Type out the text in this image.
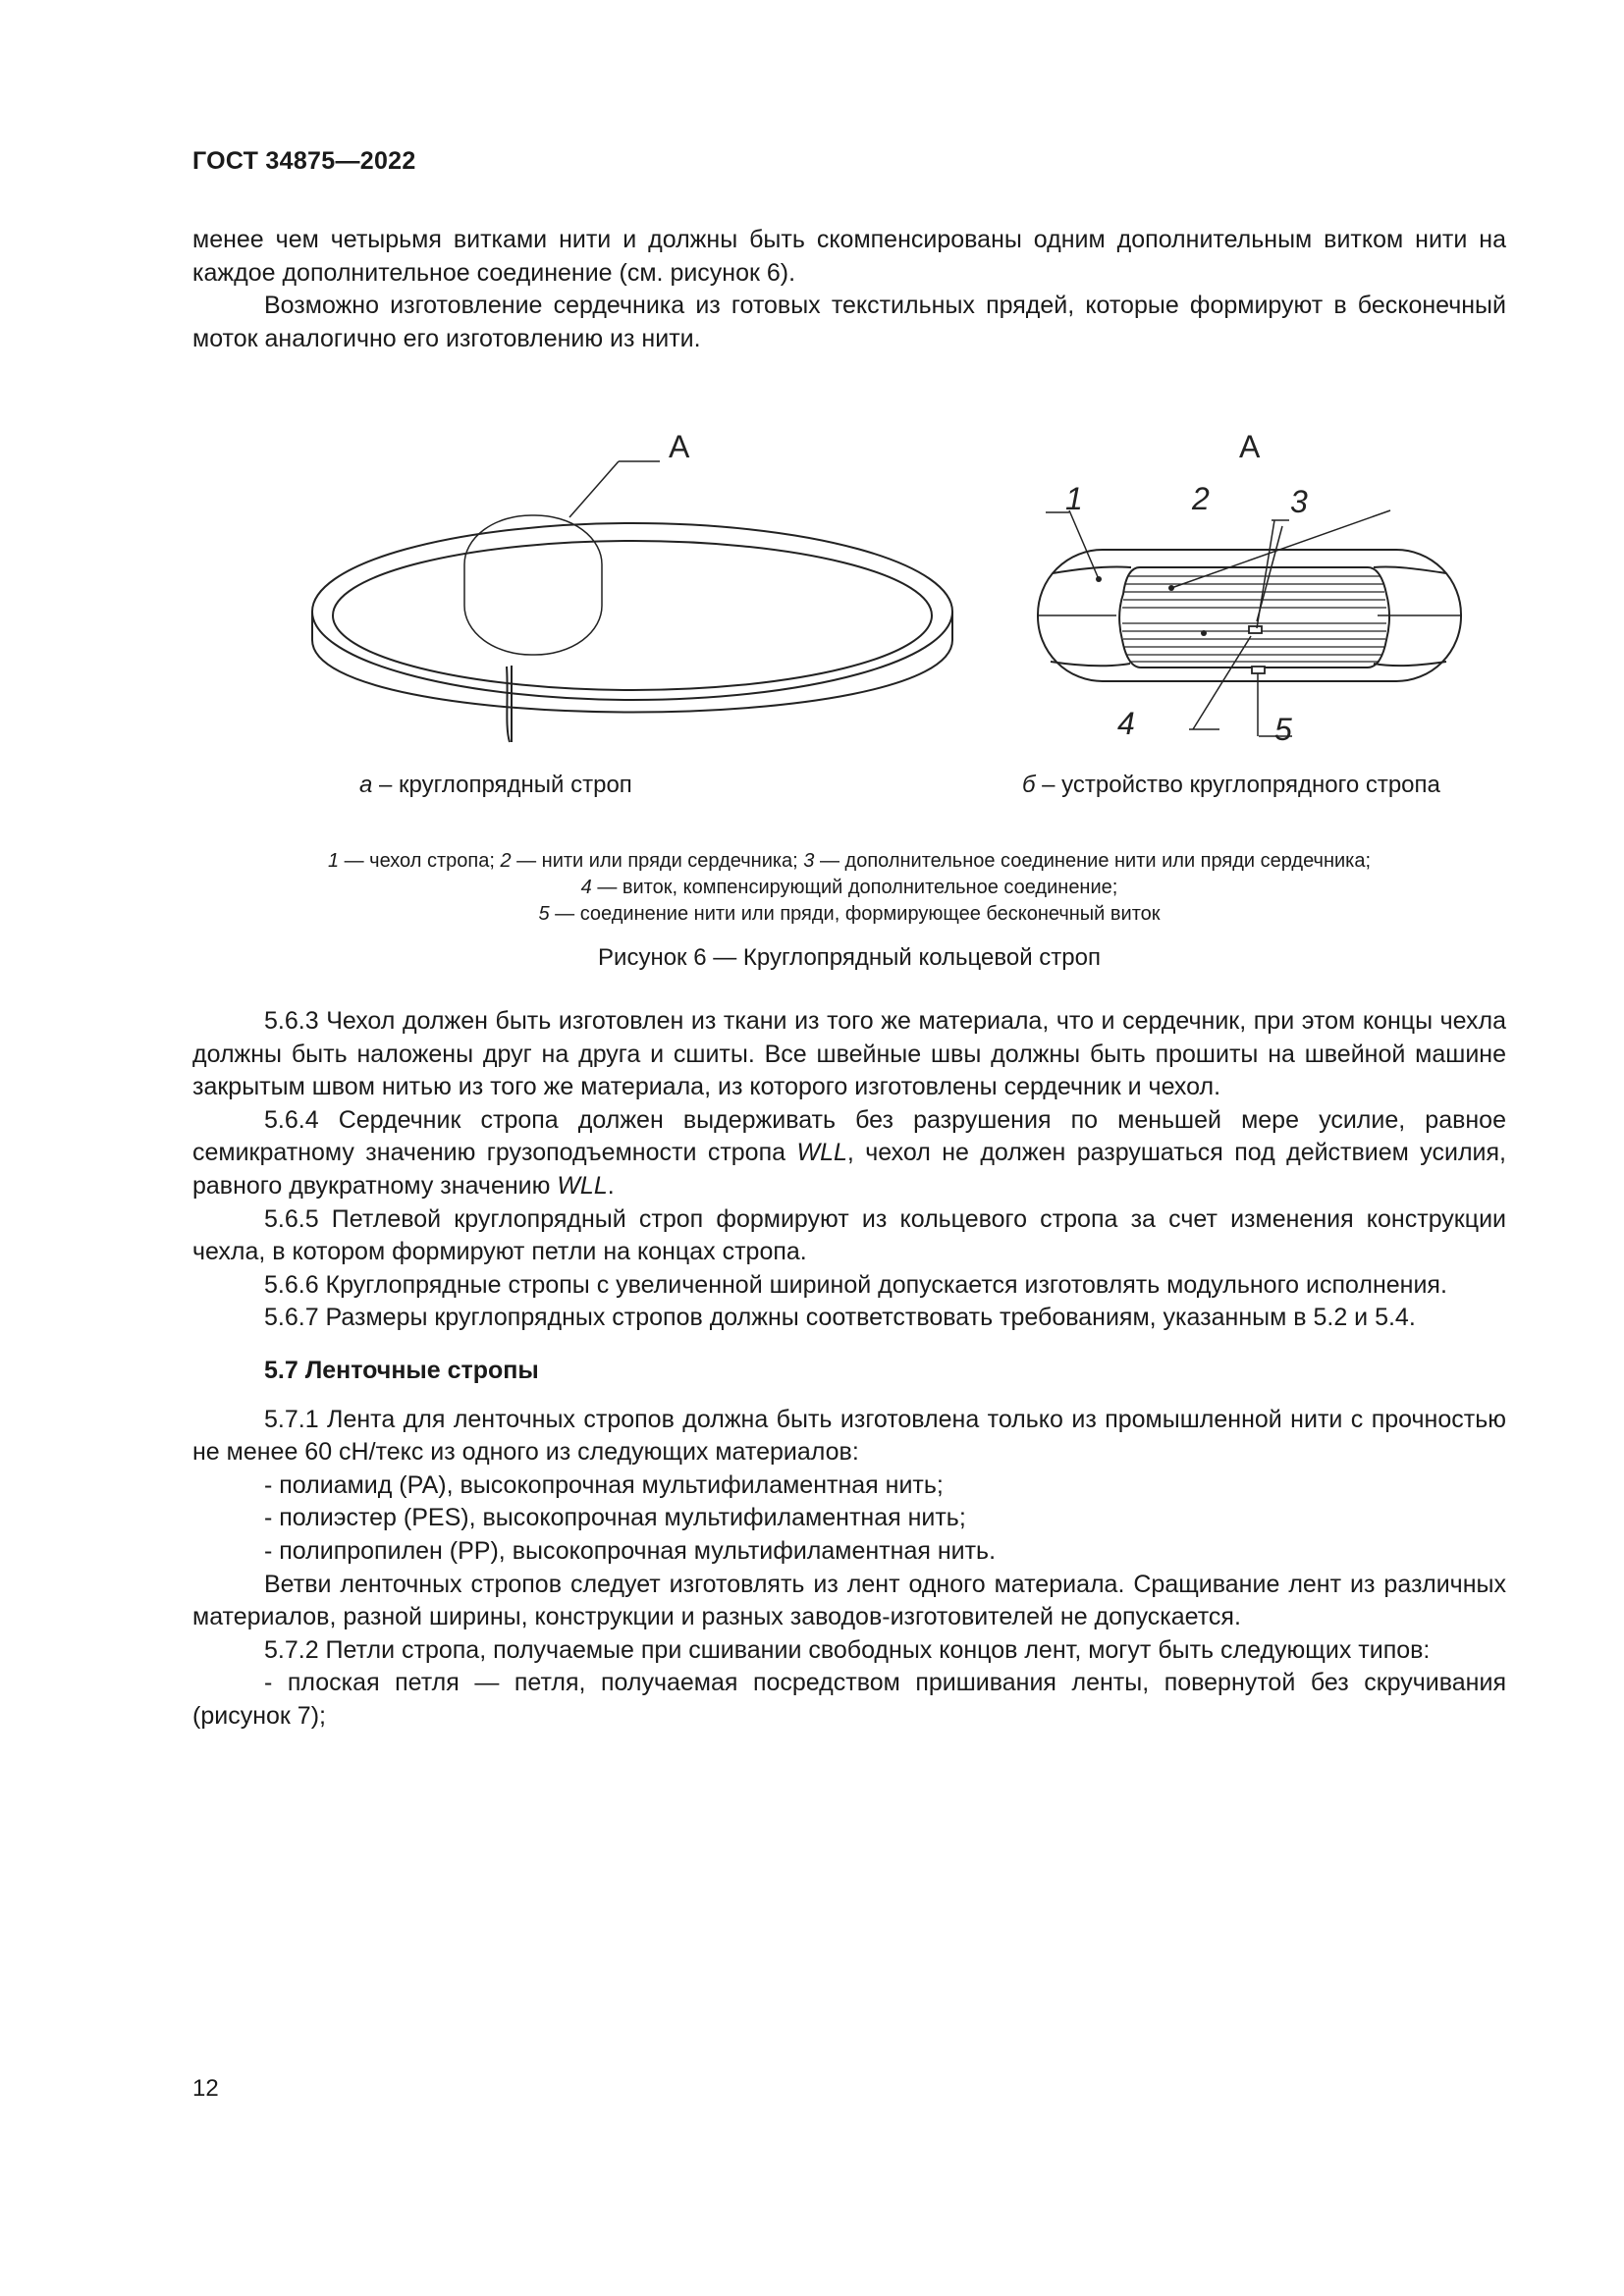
ГОСТ 34875—2022

менее чем четырьмя витками нити и должны быть скомпенсированы одним дополнительным витком нити на каждое дополнительное соединение (см. рисунок 6).

Возможно изготовление сердечника из готовых текстильных прядей, которые формируют в бесконечный моток аналогично его изготовлению из нити.

А	А
1	2	3
4	5
а – круглопрядный строп	б – устройство круглопрядного стропа
1 — чехол стропа; 2 — нити или пряди сердечника; 3 — дополнительное соединение нити или пряди сердечника;
4 — виток, компенсирующий дополнительное соединение;
5 — соединение нити или пряди, формирующее бесконечный виток
Рисунок 6 — Круглопрядный кольцевой строп

5.6.3 Чехол должен быть изготовлен из ткани из того же материала, что и сердечник, при этом концы чехла должны быть наложены друг на друга и сшиты. Все швейные швы должны быть прошиты на швейной машине закрытым швом нитью из того же материала, из которого изготовлены сердечник и чехол.

5.6.4 Сердечник стропа должен выдерживать без разрушения по меньшей мере усилие, равное семикратному значению грузоподъемности стропа WLL, чехол не должен разрушаться под действием усилия, равного двукратному значению WLL.

5.6.5 Петлевой круглопрядный строп формируют из кольцевого стропа за счет изменения конструкции чехла, в котором формируют петли на концах стропа.

5.6.6 Круглопрядные стропы с увеличенной шириной допускается изготовлять модульного исполнения.

5.6.7 Размеры круглопрядных стропов должны соответствовать требованиям, указанным в 5.2 и 5.4.

5.7 Ленточные стропы

5.7.1 Лента для ленточных стропов должна быть изготовлена только из промышленной нити с прочностью не менее 60 сН/текс из одного из следующих материалов:

- полиамид (РА), высокопрочная мультифиламентная нить;

- полиэстер (PES), высокопрочная мультифиламентная нить;

- полипропилен (РР), высокопрочная мультифиламентная нить.

Ветви ленточных стропов следует изготовлять из лент одного материала. Сращивание лент из различных материалов, разной ширины, конструкции и разных заводов-изготовителей не допускается.

5.7.2 Петли стропа, получаемые при сшивании свободных концов лент, могут быть следующих типов:

- плоская петля — петля, получаемая посредством пришивания ленты, повернутой без скручивания (рисунок 7);

12
